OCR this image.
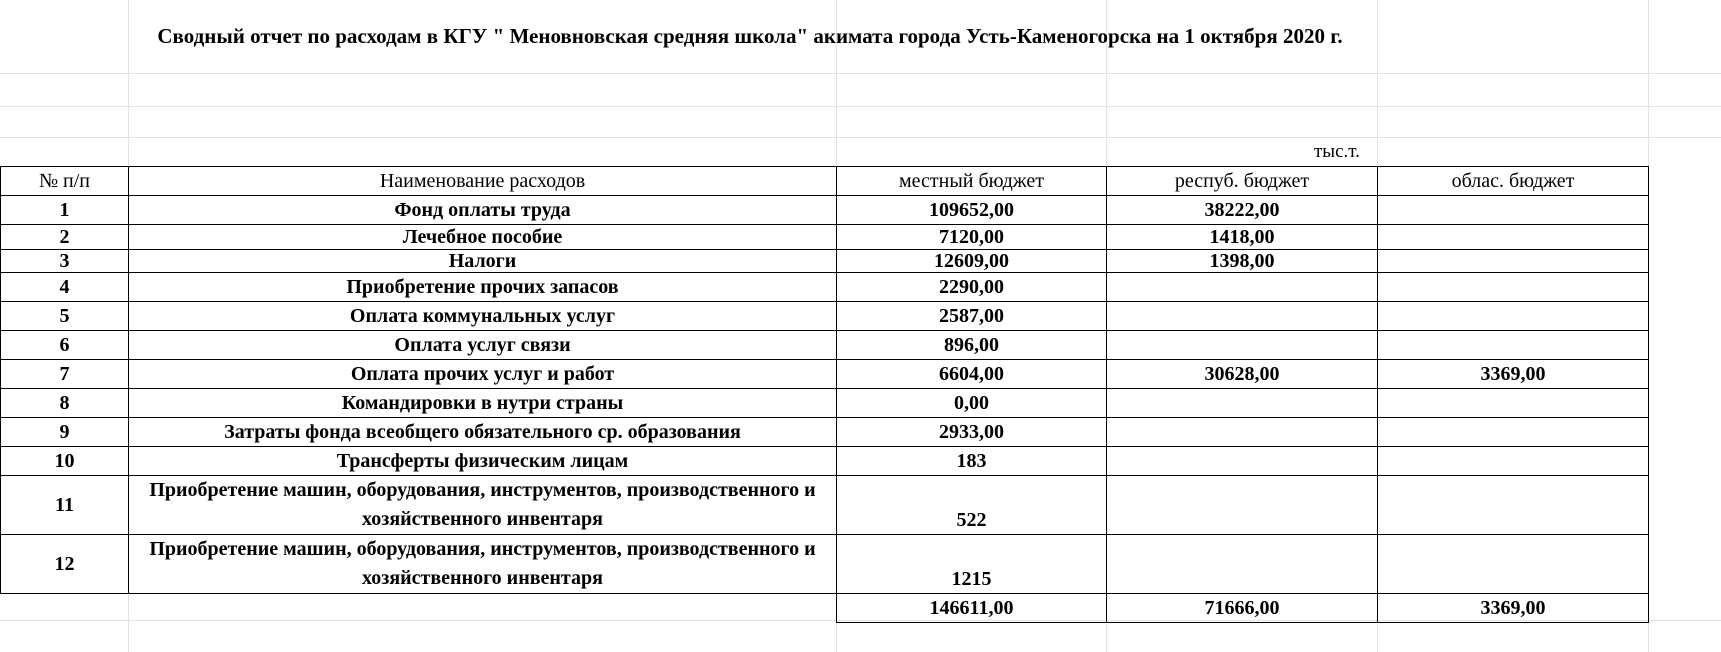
Сводный отчет по расходам в КГУ " Меновновская средняя школа" акимата города Усть-Каменогорска на 1 октября 2020 г.
тыс.т.
№ п/п	Наименование расходов	местный бюджет	респуб. бюджет	облас. бюджет
1	Фонд оплаты труда	109652,00	38222,00	
2	Лечебное пособие	7120,00	1418,00	
3	Налоги	12609,00	1398,00	
4	Приобретение прочих запасов	2290,00		
5	Оплата коммунальных услуг	2587,00		
6	Оплата услуг связи	896,00		
7	Оплата прочих услуг и работ	6604,00	30628,00	3369,00
8	Командировки в нутри страны	0,00		
9	Затраты фонда всеобщего обязательного ср. образования	2933,00		
10	Трансферты физическим лицам	183		
11	Приобретение машин, оборудования, инструментов, производственного и хозяйственного инвентаря	522		
12	Приобретение машин, оборудования, инструментов, производственного и хозяйственного инвентаря	1215		
		146611,00	71666,00	3369,00
